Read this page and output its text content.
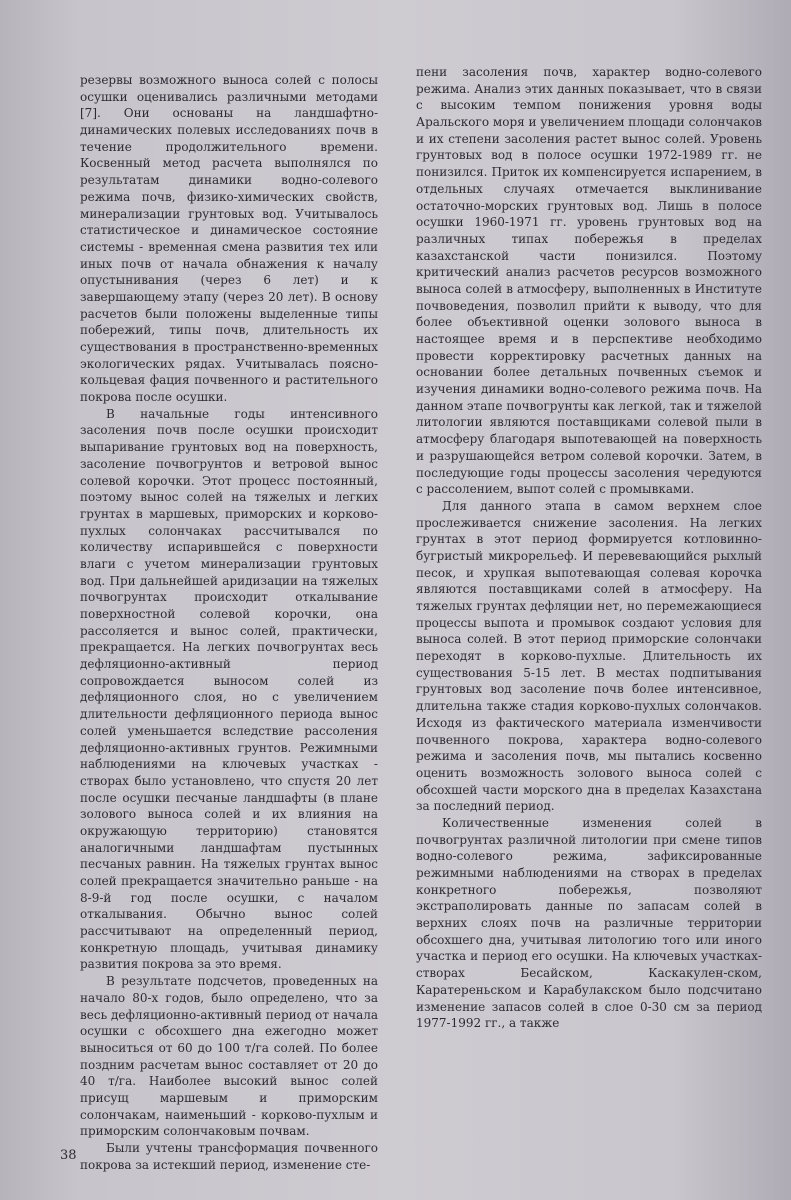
резервы возможного выноса солей с полосы осушки оценивались различными методами [7]. Они основаны на ландшафтно-динамических полевых исследованиях почв в течение продолжительного времени. Косвенный метод расчета выполнялся по результатам динамики водно-солевого режима почв, физико-химических свойств, минерализации грунтовых вод. Учитывалось статистическое и динамическое состояние системы - временная смена развития тех или иных почв от начала обнажения к началу опустынивания (через 6 лет) и к завершающему этапу (через 20 лет). В основу расчетов были положены выделенные типы побережий, типы почв, длительность их существования в пространственно-временных экологических рядах. Учитывалась поясно-кольцевая фация почвенного и растительного покрова после осушки.

В начальные годы интенсивного засоления почв после осушки происходит выпаривание грунтовых вод на поверхность, засоление почвогрунтов и ветровой вынос солевой корочки. Этот процесс постоянный, поэтому вынос солей на тяжелых и легких грунтах в маршевых, приморских и корково-пухлых солончаках рассчитывался по количеству испарившейся с поверхности влаги с учетом минерализации грунтовых вод. При дальнейшей аридизации на тяжелых почвогрунтах происходит откалывание поверхностной солевой корочки, она рассоляется и вынос солей, практически, прекращается. На легких почвогрунтах весь дефляционно-активный период сопровождается выносом солей из дефляционного слоя, но с увеличением длительности дефляционного периода вынос солей уменьшается вследствие рассоления дефляционно-активных грунтов. Режимными наблюдениями на ключевых участках - створах было установлено, что спустя 20 лет после осушки песчаные ландшафты (в плане золового выноса солей и их влияния на окружающую территорию) становятся аналогичными ландшафтам пустынных песчаных равнин. На тяжелых грунтах вынос солей прекращается значительно раньше - на 8-9-й год после осушки, с началом откалывания. Обычно вынос солей рассчитывают на определенный период, конкретную площадь, учитывая динамику развития покрова за это время.

В результате подсчетов, проведенных на начало 80-х годов, было определено, что за весь дефляционно-активный период от начала осушки с обсохшего дна ежегодно может выноситься от 60 до 100 т/га солей. По более поздним расчетам вынос составляет от 20 до 40 т/га. Наиболее высокий вынос солей присущ маршевым и приморским солончакам, наименьший - корково-пухлым и приморским солончаковым почвам.

Были учтены трансформация почвенного покрова за истекший период, изменение сте-

пени засоления почв, характер водно-солевого режима. Анализ этих данных показывает, что в связи с высоким темпом понижения уровня воды Аральского моря и увеличением площади солончаков и их степени засоления растет вынос солей. Уровень грунтовых вод в полосе осушки 1972-1989 гг. не понизился. Приток их компенсируется испарением, в отдельных случаях отмечается выклинивание остаточно-морских грунтовых вод. Лишь в полосе осушки 1960-1971 гг. уровень грунтовых вод на различных типах побережья в пределах казахстанской части понизился. Поэтому критический анализ расчетов ресурсов возможного выноса солей в атмосферу, выполненных в Институте почвоведения, позволил прийти к выводу, что для более объективной оценки золового выноса в настоящее время и в перспективе необходимо провести корректировку расчетных данных на основании более детальных почвенных съемок и изучения динамики водно-солевого режима почв. На данном этапе почвогрунты как легкой, так и тяжелой литологии являются поставщиками солевой пыли в атмосферу благодаря выпотевающей на поверхность и разрушающейся ветром солевой корочки. Затем, в последующие годы процессы засоления чередуются с рассолением, выпот солей с промывками.

Для данного этапа в самом верхнем слое прослеживается снижение засоления. На легких грунтах в этот период формируется котловинно-бугристый микрорельеф. И перевевающийся рыхлый песок, и хрупкая выпотевающая солевая корочка являются поставщиками солей в атмосферу. На тяжелых грунтах дефляции нет, но перемежающиеся процессы выпота и промывок создают условия для выноса солей. В этот период приморские солончаки переходят в корково-пухлые. Длительность их существования 5-15 лет. В местах подпитывания грунтовых вод засоление почв более интенсивное, длительна также стадия корково-пухлых солончаков. Исходя из фактического материала изменчивости почвенного покрова, характера водно-солевого режима и засоления почв, мы пытались косвенно оценить возможность золового выноса солей с обсохшей части морского дна в пределах Казахстана за последний период.

Количественные изменения солей в почвогрунтах различной литологии при смене типов водно-солевого режима, зафиксированные режимными наблюдениями на створах в пределах конкретного побережья, позволяют экстраполировать данные по запасам солей в верхних слоях почв на различные территории обсохшего дна, учитывая литологию того или иного участка и период его осушки. На ключевых участках-створах Бесайском, Каскакулен-ском, Каратереньском и Карабулакском было подсчитано изменение запасов солей в слое 0-30 см за период 1977-1992 гг., а также

38
